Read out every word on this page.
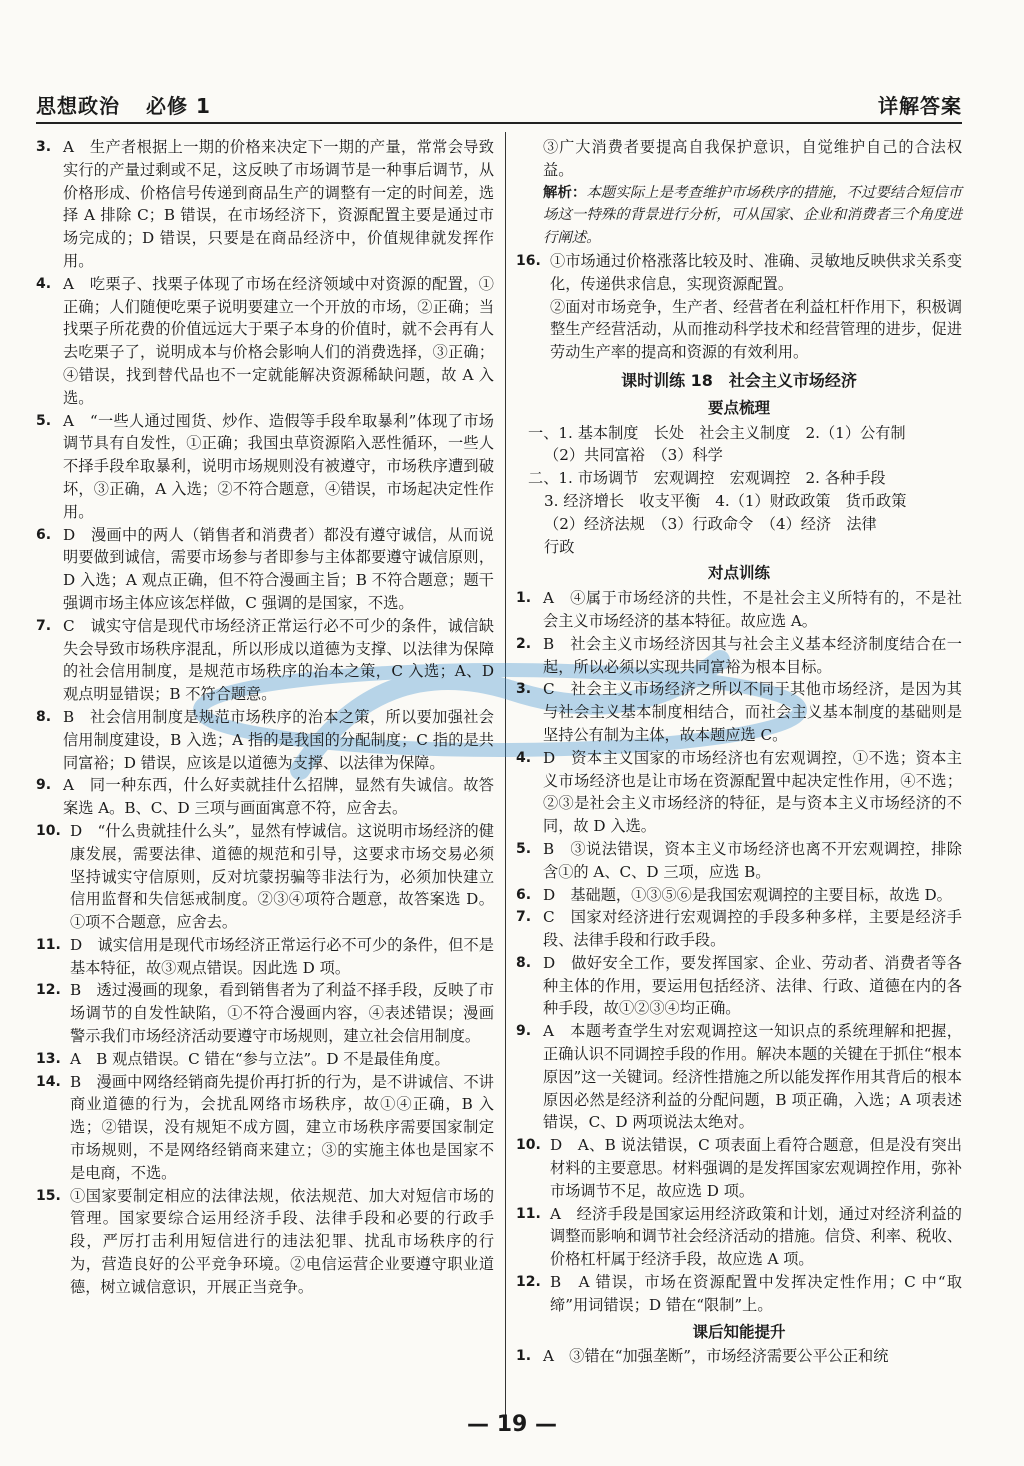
思想政治 必修 1	详解答案
3. A　生产者根据上一期的价格来决定下一期的产量，常常会导致实行的产量过剩或不足，这反映了市场调节是一种事后调节，从价格形成、价格信号传递到商品生产的调整有一定的时间差，选择 A 排除 C；B 错误，在市场经济下，资源配置主要是通过市场完成的；D 错误，只要是在商品经济中，价值规律就发挥作用。
4. A　吃栗子、找栗子体现了市场在经济领域中对资源的配置，①正确；人们随便吃栗子说明要建立一个开放的市场，②正确；当找栗子所花费的价值远远大于栗子本身的价值时，就不会再有人去吃栗子了，说明成本与价格会影响人们的消费选择，③正确；④错误，找到替代品也不一定就能解决资源稀缺问题，故 A 入选。
5. A　“一些人通过囤货、炒作、造假等手段牟取暴利”体现了市场调节具有自发性，①正确；我国虫草资源陷入恶性循环，一些人不择手段牟取暴利，说明市场规则没有被遵守，市场秩序遭到破坏，③正确，A 入选；②不符合题意，④错误，市场起决定性作用。
6. D　漫画中的两人（销售者和消费者）都没有遵守诚信，从而说明要做到诚信，需要市场参与者即参与主体都要遵守诚信原则，D 入选；A 观点正确，但不符合漫画主旨；B 不符合题意；题干强调市场主体应该怎样做，C 强调的是国家，不选。
7. C　诚实守信是现代市场经济正常运行必不可少的条件，诚信缺失会导致市场秩序混乱，所以形成以道德为支撑、以法律为保障的社会信用制度，是规范市场秩序的治本之策，C 入选；A、D 观点明显错误；B 不符合题意。
8. B　社会信用制度是规范市场秩序的治本之策，所以要加强社会信用制度建设，B 入选；A 指的是我国的分配制度；C 指的是共同富裕；D 错误，应该是以道德为支撑、以法律为保障。
9. A　同一种东西，什么好卖就挂什么招牌，显然有失诚信。故答案选 A。B、C、D 三项与画面寓意不符，应舍去。
10. D　“什么贵就挂什么头”，显然有悖诚信。这说明市场经济的健康发展，需要法律、道德的规范和引导，这要求市场交易必须坚持诚实守信原则，反对坑蒙拐骗等非法行为，必须加快建立信用监督和失信惩戒制度。②③④项符合题意，故答案选 D。①项不合题意，应舍去。
11. D　诚实信用是现代市场经济正常运行必不可少的条件，但不是基本特征，故③观点错误。因此选 D 项。
12. B　透过漫画的现象，看到销售者为了利益不择手段，反映了市场调节的自发性缺陷，①不符合漫画内容，④表述错误；漫画警示我们市场经济活动要遵守市场规则，建立社会信用制度。
13. A　B 观点错误。C 错在“参与立法”。D 不是最佳角度。
14. B　漫画中网络经销商先提价再打折的行为，是不讲诚信、不讲商业道德的行为，会扰乱网络市场秩序，故①④正确，B 入选；②错误，没有规矩不成方圆，建立市场秩序需要国家制定市场规则，不是网络经销商来建立；③的实施主体也是国家不是电商，不选。
15. ①国家要制定相应的法律法规，依法规范、加大对短信市场的管理。国家要综合运用经济手段、法律手段和必要的行政手段，严厉打击利用短信进行的违法犯罪、扰乱市场秩序的行为，营造良好的公平竞争环境。②电信运营企业要遵守职业道德，树立诚信意识，开展正当竞争。

③广大消费者要提高自我保护意识，自觉维护自己的合法权益。

解析：本题实际上是考查维护市场秩序的措施，不过要结合短信市场这一特殊的背景进行分析，可从国家、企业和消费者三个角度进行阐述。

16. ①市场通过价格涨落比较及时、准确、灵敏地反映供求关系变化，传递供求信息，实现资源配置。
②面对市场竞争，生产者、经营者在利益杠杆作用下，积极调整生产经营活动，从而推动科学技术和经营管理的进步，促进劳动生产率的提高和资源的有效利用。
课时训练 18　社会主义市场经济
要点梳理

一、1. 基本制度　长处　社会主义制度　2.（1）公有制

（2）共同富裕　（3）科学

二、1. 市场调节　宏观调控　宏观调控　2. 各种手段

3. 经济增长　收支平衡　4.（1）财政政策　货币政策

（2）经济法规　（3）行政命令　（4）经济　法律

行政

对点训练
1. A　④属于市场经济的共性，不是社会主义所特有的，不是社会主义市场经济的基本特征。故应选 A。
2. B　社会主义市场经济因其与社会主义基本经济制度结合在一起，所以必须以实现共同富裕为根本目标。
3. C　社会主义市场经济之所以不同于其他市场经济，是因为其与社会主义基本制度相结合，而社会主义基本制度的基础则是坚持公有制为主体，故本题应选 C。
4. D　资本主义国家的市场经济也有宏观调控，①不选；资本主义市场经济也是让市场在资源配置中起决定性作用，④不选；②③是社会主义市场经济的特征，是与资本主义市场经济的不同，故 D 入选。
5. B　③说法错误，资本主义市场经济也离不开宏观调控，排除含①的 A、C、D 三项，应选 B。
6. D　基础题，①③⑤⑥是我国宏观调控的主要目标，故选 D。
7. C　国家对经济进行宏观调控的手段多种多样，主要是经济手段、法律手段和行政手段。
8. D　做好安全工作，要发挥国家、企业、劳动者、消费者等各种主体的作用，要运用包括经济、法律、行政、道德在内的各种手段，故①②③④均正确。
9. A　本题考查学生对宏观调控这一知识点的系统理解和把握，正确认识不同调控手段的作用。解决本题的关键在于抓住“根本原因”这一关键词。经济性措施之所以能发挥作用其背后的根本原因必然是经济利益的分配问题，B 项正确，入选；A 项表述错误，C、D 两项说法太绝对。
10. D　A、B 说法错误，C 项表面上看符合题意，但是没有突出材料的主要意思。材料强调的是发挥国家宏观调控作用，弥补市场调节不足，故应选 D 项。
11. A　经济手段是国家运用经济政策和计划，通过对经济利益的调整而影响和调节社会经济活动的措施。信贷、利率、税收、价格杠杆属于经济手段，故应选 A 项。
12. B　A 错误，市场在资源配置中发挥决定性作用；C 中“取缔”用词错误；D 错在“限制”上。
课后知能提升
1. A　③错在“加强垄断”，市场经济需要公平公正和统
— 19 —
